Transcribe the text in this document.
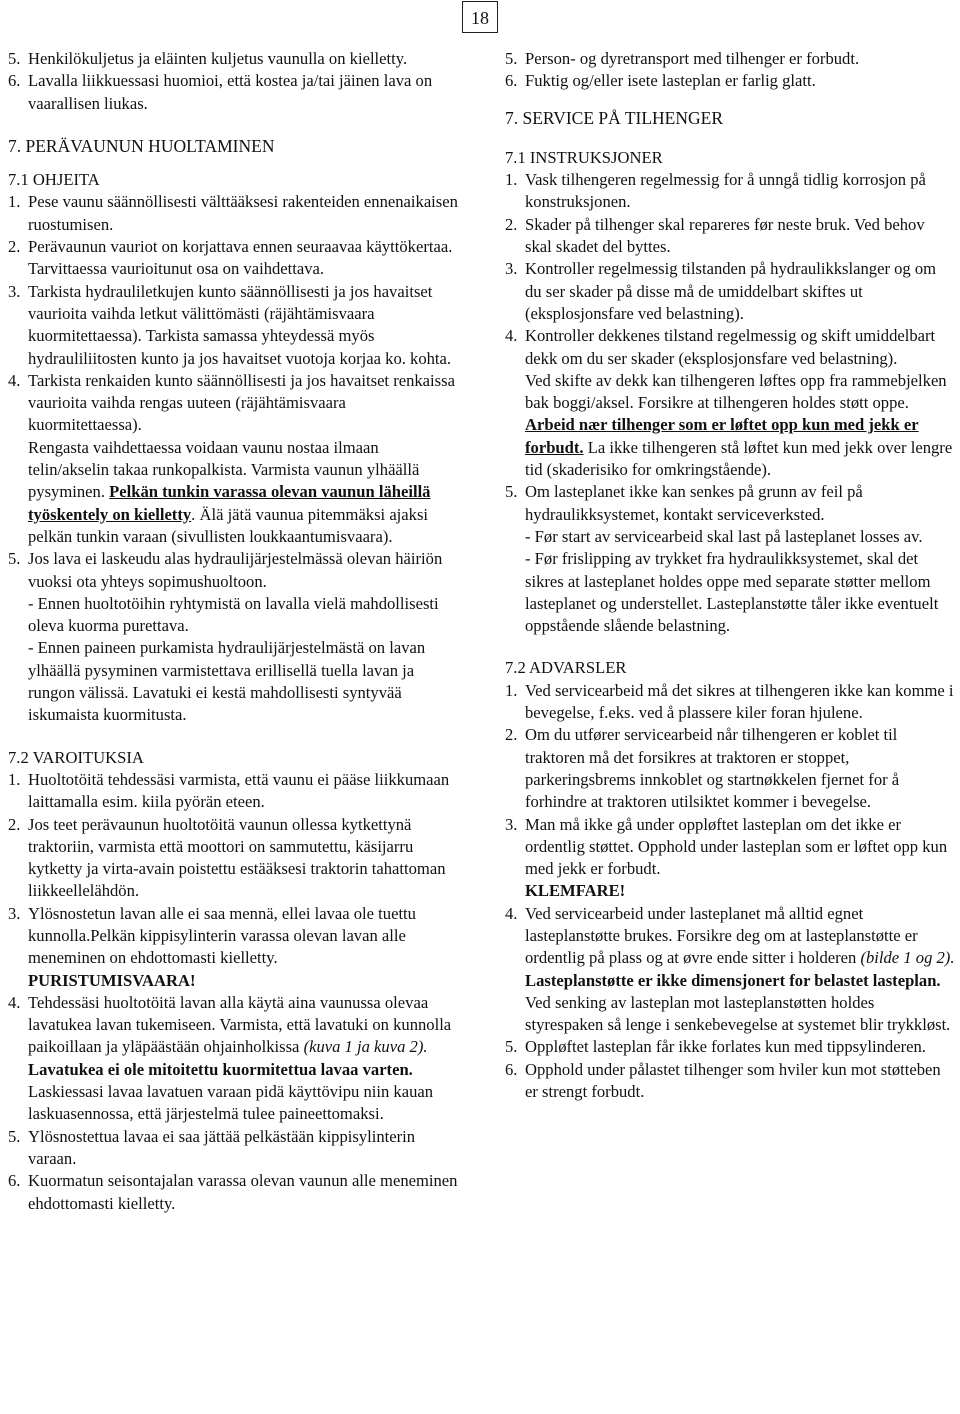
18
5. Henkilökuljetus ja eläinten kuljetus vaunulla on kielletty.
6. Lavalla liikkuessasi huomioi, että kostea ja/tai jäinen lava on vaarallisen liukas.
7. PERÄVAUNUN HUOLTAMINEN
7.1 OHJEITA
1. Pese vaunu säännöllisesti välttääksesi rakenteiden ennenaikaisen ruostumisen.
2. Perävaunun vauriot on korjattava ennen seuraavaa käyttökertaa. Tarvittaessa vaurioitunut osa on vaihdettava.
3. Tarkista hydrauliletkujen kunto säännöllisesti ja jos havaitset vaurioita vaihda letkut välittömästi (räjähtämisvaara kuormitettaessa). Tarkista samassa yhteydessä myös hydrauliliitosten kunto ja jos havaitset vuotoja korjaa ko. kohta.
4. Tarkista renkaiden kunto säännöllisesti ja jos havaitset renkaissa vaurioita vaihda rengas uuteen (räjähtämisvaara kuormitettaessa).
Rengasta vaihdettaessa voidaan vaunu nostaa ilmaan telin/akselin takaa runkopalkista. Varmista vaunun ylhäällä pysyminen. Pelkän tunkin varassa olevan vaunun läheillä työskentely on kielletty. Älä jätä vaunua pitemmäksi ajaksi pelkän tunkin varaan (sivullisten loukkaantumisvaara).
5. Jos lava ei laskeudu alas hydraulijärjestelmässä olevan häiriön vuoksi ota yhteys sopimushuoltoon.
- Ennen huoltotöihin ryhtymistä on lavalla vielä mahdollisesti oleva kuorma purettava.
- Ennen paineen purkamista hydraulijärjestelmästä on lavan ylhäällä pysyminen varmistettava erillisellä tuella lavan ja rungon välissä. Lavatuki ei kestä mahdollisesti syntyvää iskumaista kuormitusta.
7.2 VAROITUKSIA
1. Huoltotöitä tehdessäsi varmista, että vaunu ei pääse liikkumaan laittamalla esim. kiila pyörän eteen.
2. Jos teet perävaunun huoltotöitä vaunun ollessa kytkettynä traktoriin, varmista että moottori on sammutettu, käsijarru kytketty ja virta-avain poistettu estääksesi traktorin tahattoman liikkeellelähdön.
3. Ylösnostetun lavan alle ei saa mennä, ellei lavaa ole tuettu kunnolla.Pelkän kippisylinterin varassa olevan lavan alle meneminen on ehdottomasti kielletty.
PURISTUMISVAARA!
4. Tehdessäsi huoltotöitä lavan alla käytä aina vaunussa olevaa lavatukea lavan tukemiseen. Varmista, että lavatuki on kunnolla paikoillaan ja yläpäästään ohjainholkissa (kuva 1 ja kuva 2).
Lavatukea ei ole mitoitettu kuormitettua lavaa varten.
Laskiessasi lavaa lavatuen varaan pidä käyttövipu niin kauan laskuasennossa, että järjestelmä tulee paineettomaksi.
5. Ylösnostettua lavaa ei saa jättää pelkästään kippisylinterin varaan.
6. Kuormatun seisontajalan varassa olevan vaunun alle meneminen ehdottomasti kielletty.
5. Person- og dyretransport med tilhenger er forbudt.
6. Fuktig og/eller isete lasteplan er farlig glatt.
7. SERVICE PÅ TILHENGER
7.1 INSTRUKSJONER
1. Vask tilhengeren regelmessig for å unngå tidlig korrosjon på konstruksjonen.
2. Skader på tilhenger skal repareres før neste bruk. Ved behov skal skadet del byttes.
3. Kontroller regelmessig tilstanden på hydraulikkslanger og om du ser skader på disse må de umiddelbart skiftes ut (eksplosjonsfare ved belastning).
4. Kontroller dekkenes tilstand regelmessig og skift umiddelbart dekk om du ser skader (eksplosjonsfare ved belastning).
Ved skifte av dekk kan tilhengeren løftes opp fra rammebjelken bak boggi/aksel. Forsikre at tilhengeren holdes støtt oppe. Arbeid nær tilhenger som er løftet opp kun med jekk er forbudt. La ikke tilhengeren stå løftet kun med jekk over lengre tid (skaderisiko for omkringstående).
5. Om lasteplanet ikke kan senkes på grunn av feil på hydraulikksystemet, kontakt serviceverksted.
- Før start av servicearbeid skal last på lasteplanet losses av.
- Før frislipping av trykket fra hydraulikksystemet, skal det sikres at lasteplanet holdes oppe med separate støtter mellom lasteplanet og understellet. Lasteplanstøtte tåler ikke eventuelt oppstående slående belastning.
7.2 ADVARSLER
1. Ved servicearbeid må det sikres at tilhengeren ikke kan komme i bevegelse, f.eks. ved å plassere kiler foran hjulene.
2. Om du utfører servicearbeid når tilhengeren er koblet til traktoren må det forsikres at traktoren er stoppet, parkeringsbrems innkoblet og startnøkkelen fjernet for å forhindre at traktoren utilsiktet kommer i bevegelse.
3. Man må ikke gå under oppløftet lasteplan om det ikke er ordentlig støttet. Opphold under lasteplan som er løftet opp kun med jekk er forbudt.
KLEMFARE!
4. Ved servicearbeid under lasteplanet må alltid egnet lasteplanstøtte brukes. Forsikre deg om at lasteplanstøtte er ordentlig på plass og at øvre ende sitter i holderen (bilde 1 og 2).
Lasteplanstøtte er ikke dimensjonert for belastet lasteplan.
Ved senking av lasteplan mot lasteplanstøtten holdes styrespaken så lenge i senkebevegelse at systemet blir trykkløst.
5. Oppløftet lasteplan får ikke forlates kun med tippsylinderen.
6. Opphold under pålastet tilhenger som hviler kun mot støtteben er strengt forbudt.
